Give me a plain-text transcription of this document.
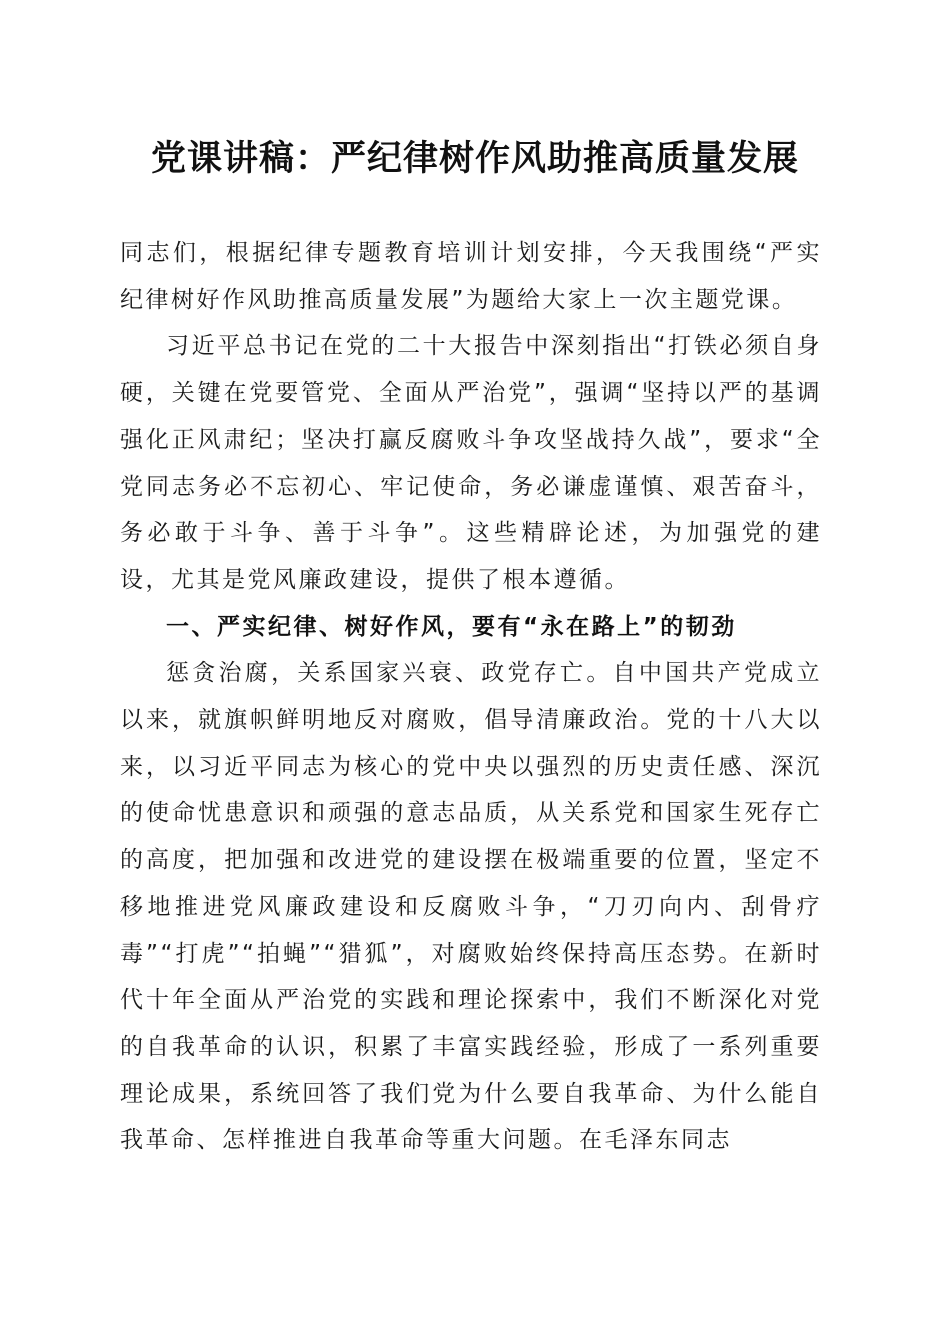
党课讲稿：严纪律树作风助推高质量发展

同志们，根据纪律专题教育培训计划安排，今天我围绕“严实纪律树好作风助推高质量发展”为题给大家上一次主题党课。

习近平总书记在党的二十大报告中深刻指出“打铁必须自身硬，关键在党要管党、全面从严治党”，强调“坚持以严的基调强化正风肃纪；坚决打赢反腐败斗争攻坚战持久战”，要求“全党同志务必不忘初心、牢记使命，务必谦虚谨慎、艰苦奋斗，务必敢于斗争、善于斗争”。这些精辟论述，为加强党的建设，尤其是党风廉政建设，提供了根本遵循。

一、严实纪律、树好作风，要有“永在路上”的韧劲

惩贪治腐，关系国家兴衰、政党存亡。自中国共产党成立以来，就旗帜鲜明地反对腐败，倡导清廉政治。党的十八大以来，以习近平同志为核心的党中央以强烈的历史责任感、深沉的使命忧患意识和顽强的意志品质，从关系党和国家生死存亡的高度，把加强和改进党的建设摆在极端重要的位置，坚定不移地推进党风廉政建设和反腐败斗争，“刀刃向内、刮骨疗毒”“打虎”“拍蝇”“猎狐”，对腐败始终保持高压态势。在新时代十年全面从严治党的实践和理论探索中，我们不断深化对党的自我革命的认识，积累了丰富实践经验，形成了一系列重要理论成果，系统回答了我们党为什么要自我革命、为什么能自我革命、怎样推进自我革命等重大问题。在毛泽东同志
